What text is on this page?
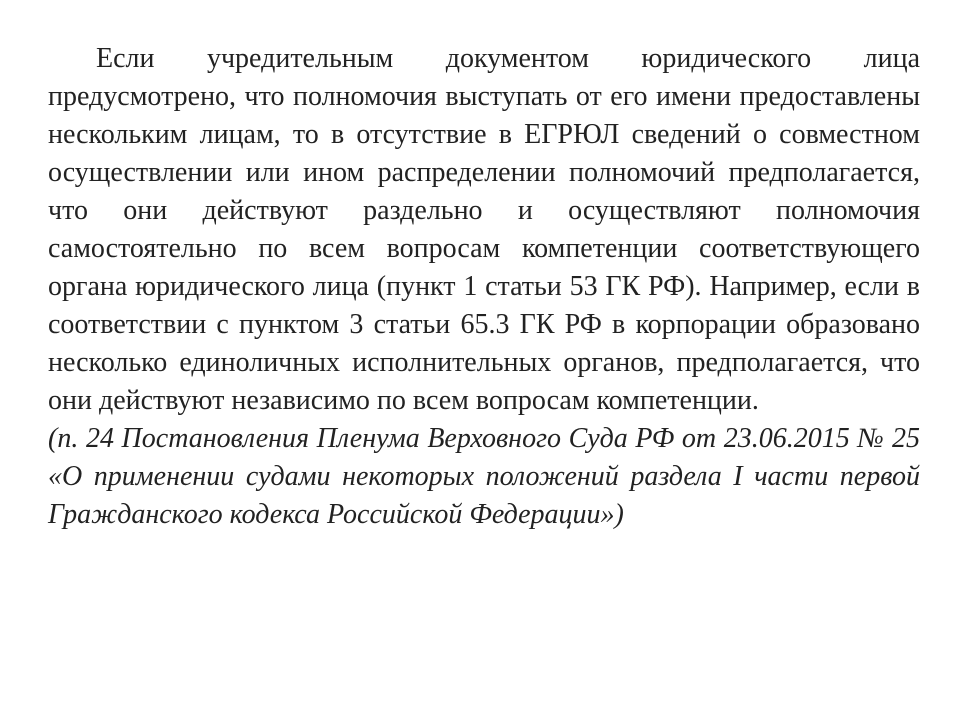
Если учредительным документом юридического лица предусмотрено, что полномочия выступать от его имени предоставлены нескольким лицам, то в отсутствие в ЕГРЮЛ сведений о совместном осуществлении или ином распределении полномочий предполагается, что они действуют раздельно и осуществляют полномочия самостоятельно по всем вопросам компетенции соответствующего органа юридического лица (пункт 1 статьи 53 ГК РФ). Например, если в соответствии с пунктом 3 статьи 65.3 ГК РФ в корпорации образовано несколько единоличных исполнительных органов, предполагается, что они действуют независимо по всем вопросам компетенции.

(п. 24 Постановления Пленума Верховного Суда РФ от 23.06.2015 № 25 «О применении судами некоторых положений раздела I части первой Гражданского кодекса Российской Федерации»)
